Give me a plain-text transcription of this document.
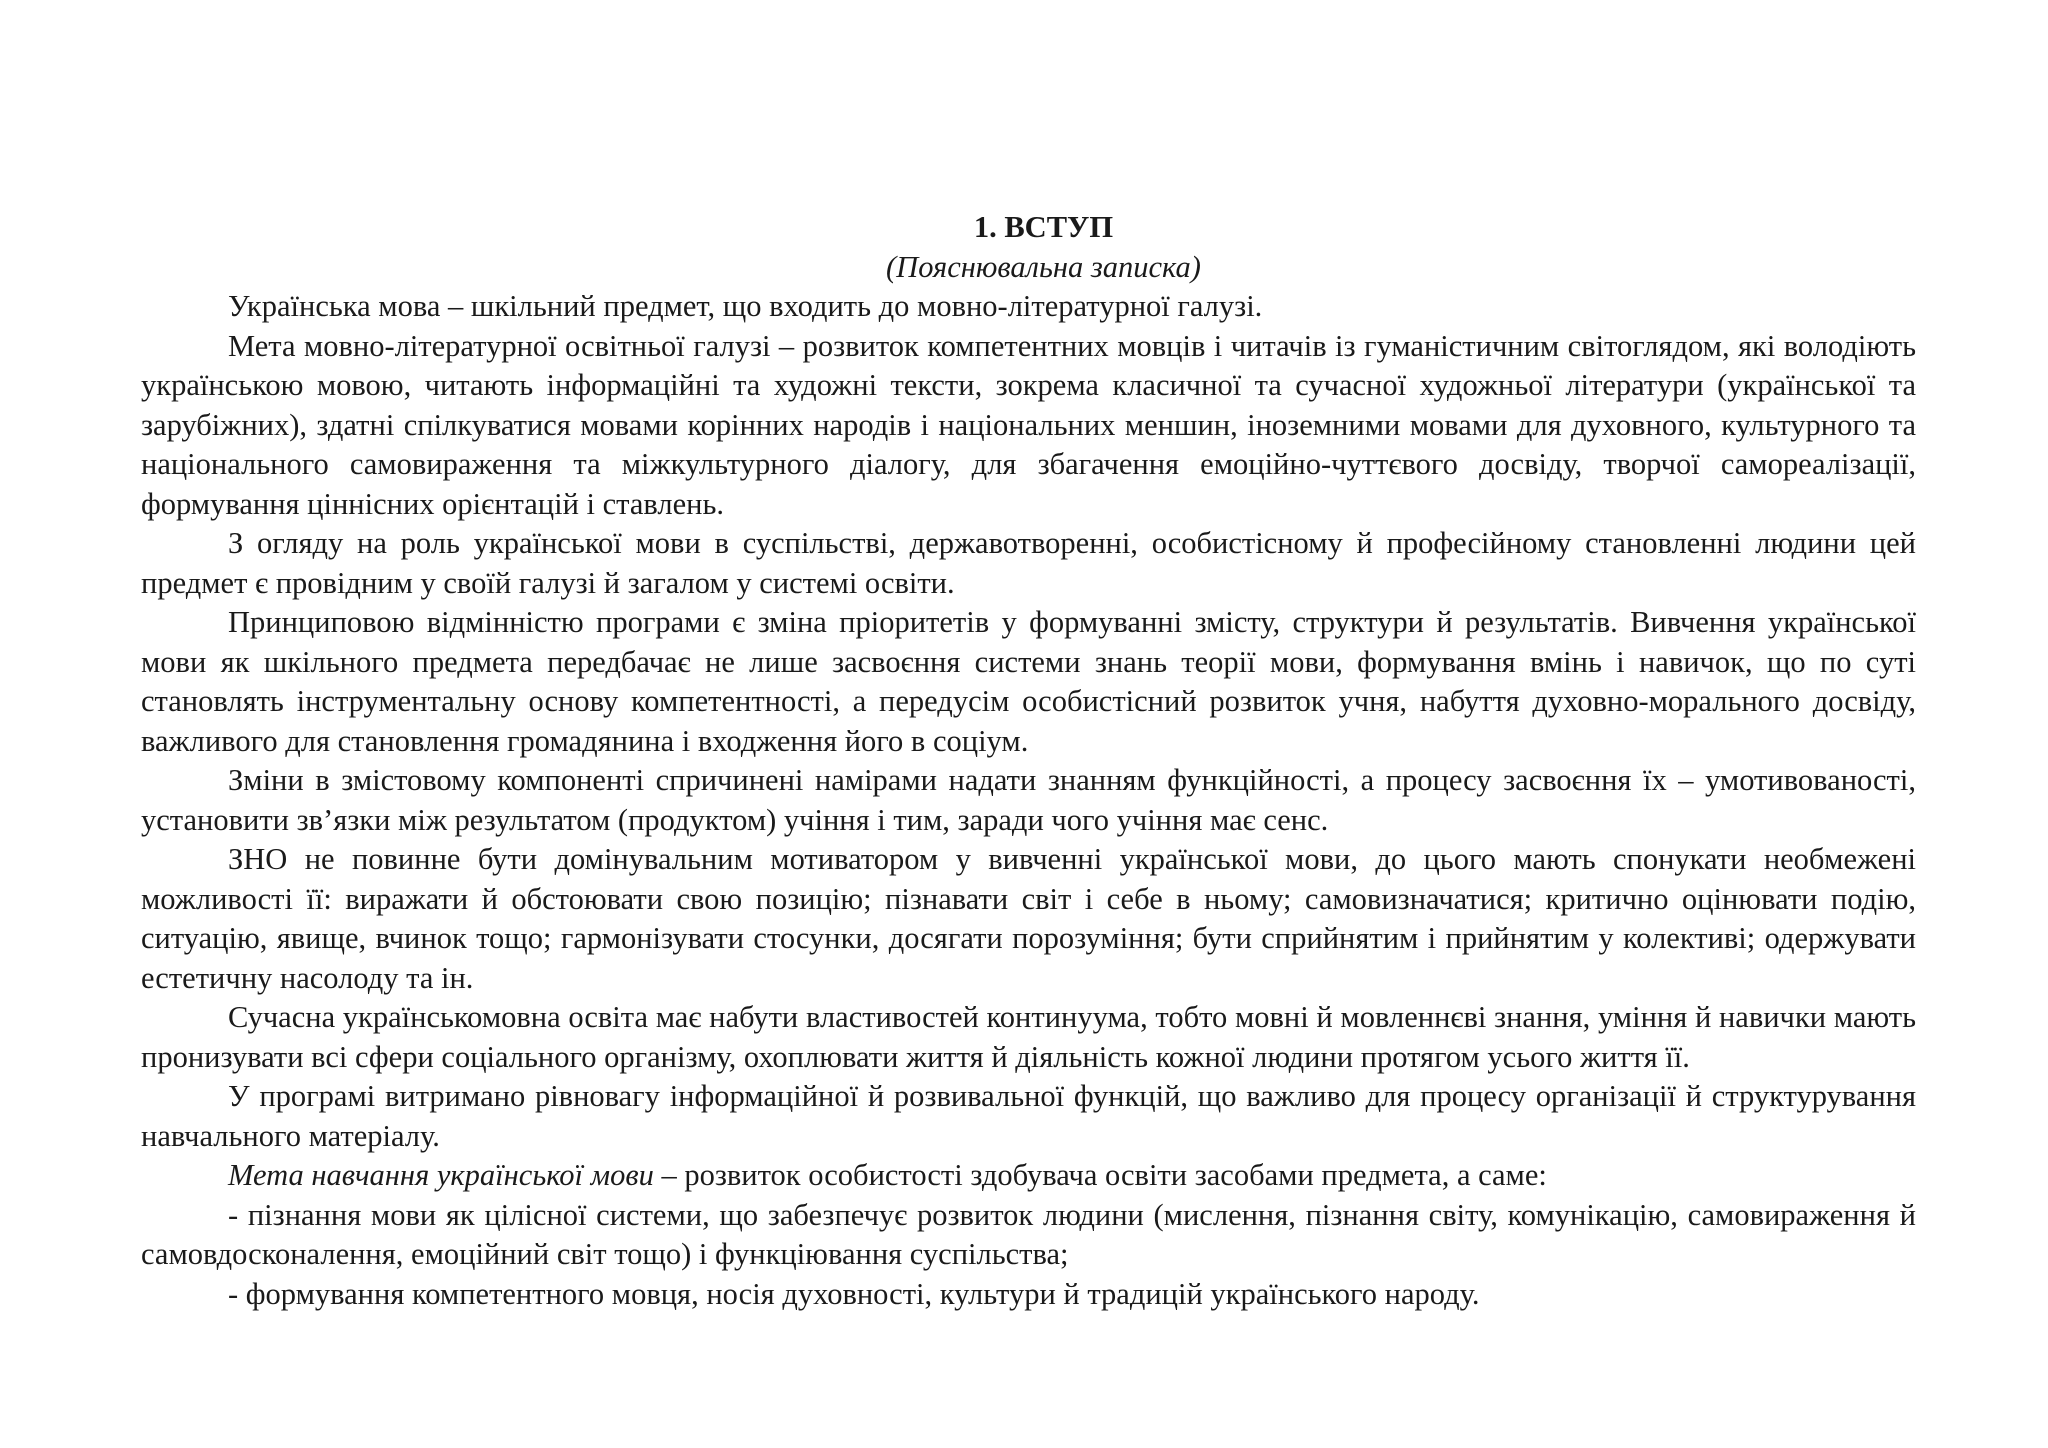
1. ВСТУП

(Пояснювальна записка)

Українська мова – шкільний предмет, що входить до мовно-літературної галузі.

Мета мовно-літературної освітньої галузі – розвиток компетентних мовців і читачів із гуманістичним світоглядом, які володіють українською мовою, читають інформаційні та художні тексти, зокрема класичної та сучасної художньої літератури (української та зарубіжних), здатні спілкуватися мовами корінних народів і національних меншин, іноземними мовами для духовного, культурного та національного самовираження та міжкультурного діалогу, для збагачення емоційно-чуттєвого досвіду, творчої самореалізації, формування ціннісних орієнтацій і ставлень.

З огляду на роль української мови в суспільстві, державотворенні, особистісному й професійному становленні людини цей предмет є провідним у своїй галузі й загалом у системі освіти.

Принциповою відмінністю програми є зміна пріоритетів у формуванні змісту, структури й результатів. Вивчення української мови як шкільного предмета передбачає не лише засвоєння системи знань теорії мови, формування вмінь і навичок, що по суті становлять інструментальну основу компетентності, а передусім особистісний розвиток учня, набуття духовно-морального досвіду, важливого для становлення громадянина і входження його в соціум.

Зміни в змістовому компоненті спричинені намірами надати знанням функційності, а процесу засвоєння їх – умотивованості, установити зв’язки між результатом (продуктом) учіння і тим, заради чого учіння має сенс.

ЗНО не повинне бути домінувальним мотиватором у вивченні української мови, до цього мають спонукати необмежені можливості її: виражати й обстоювати свою позицію; пізнавати світ і себе в ньому; самовизначатися; критично оцінювати подію, ситуацію, явище, вчинок тощо; гармонізувати стосунки, досягати порозуміння; бути сприйнятим і прийнятим у колективі; одержувати естетичну насолоду та ін.

Сучасна українськомовна освіта має набути властивостей континуума, тобто мовні й мовленнєві знання, уміння й навички мають пронизувати всі сфери соціального організму, охоплювати життя й діяльність кожної людини протягом усього життя її.

У програмі витримано рівновагу інформаційної й розвивальної функцій, що важливо для процесу організації й структурування навчального матеріалу.

Мета навчання української мови – розвиток особистості здобувача освіти засобами предмета, а саме:

- пізнання мови як цілісної системи, що забезпечує розвиток людини (мислення, пізнання світу, комунікацію, самовираження й самовдосконалення, емоційний світ тощо) і функціювання суспільства;

- формування компетентного мовця, носія духовності, культури й традицій українського народу.
